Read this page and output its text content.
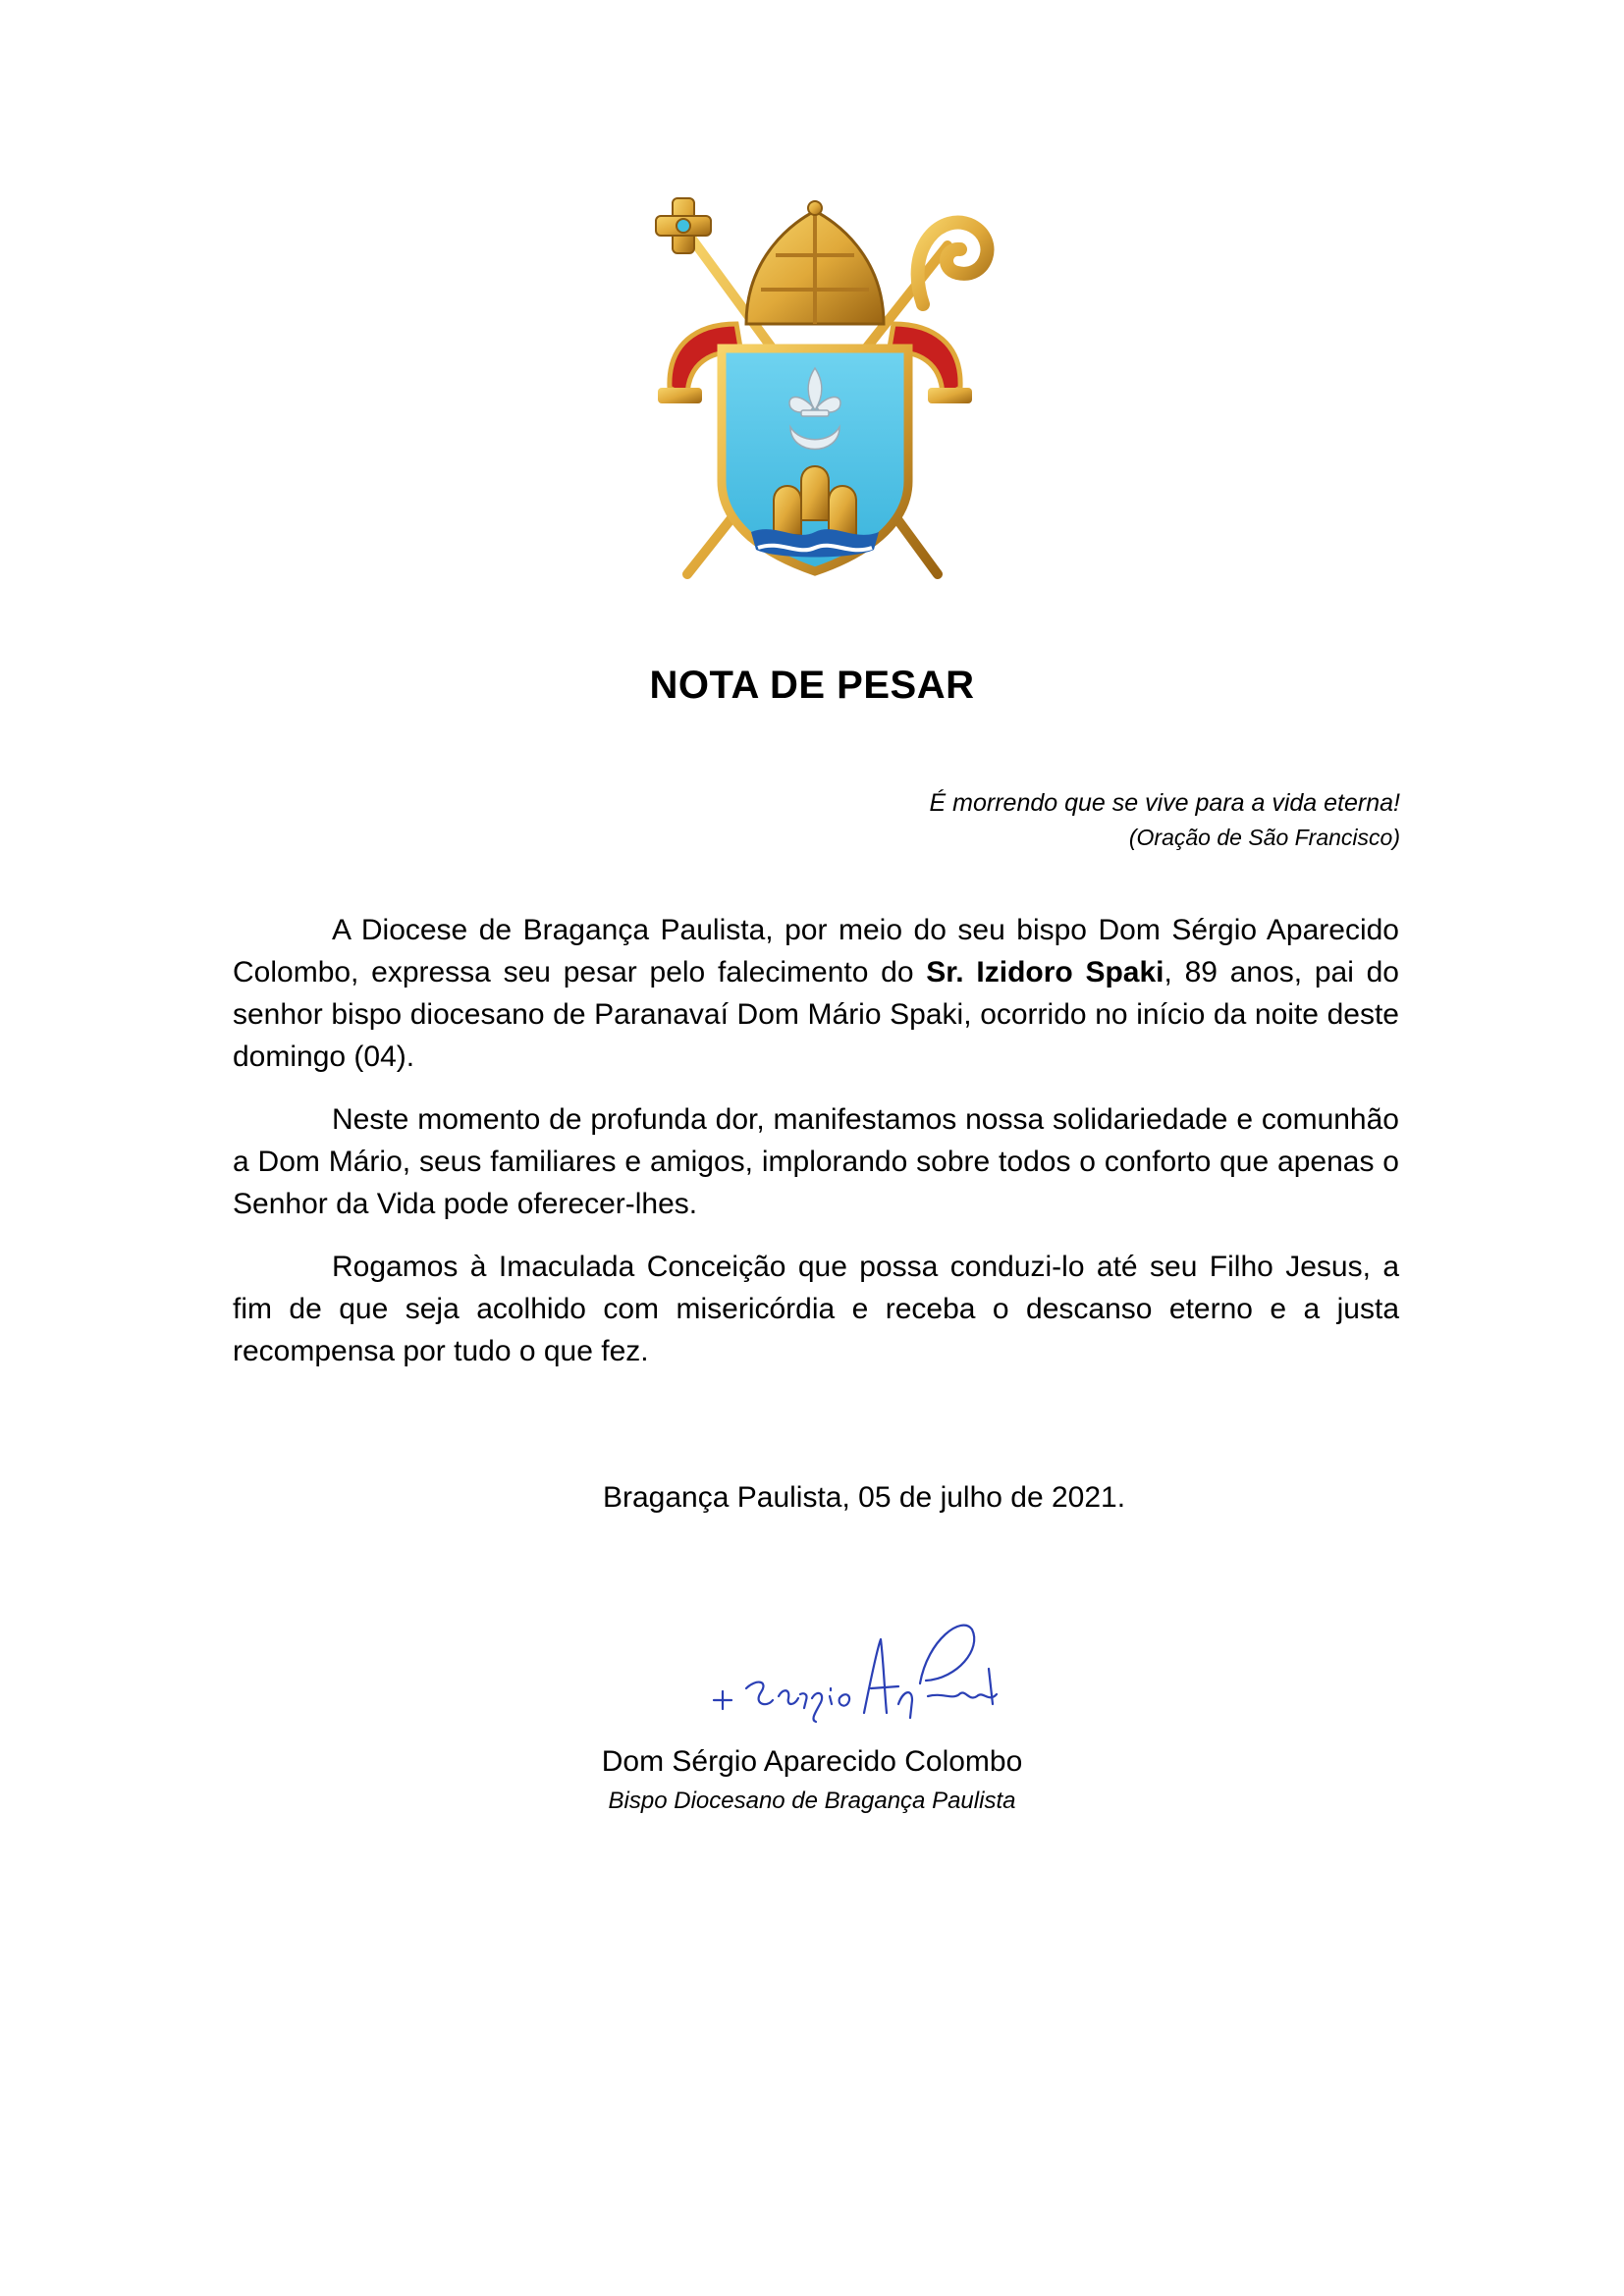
NOTA DE PESAR
É morrendo que se vive para a vida eterna!
(Oração de São Francisco)

A Diocese de Bragança Paulista, por meio do seu bispo Dom Sérgio Aparecido Colombo, expressa seu pesar pelo falecimento do Sr. Izidoro Spaki, 89 anos, pai do senhor bispo diocesano de Paranavaí Dom Mário Spaki, ocorrido no início da noite deste domingo (04).

Neste momento de profunda dor, manifestamos nossa solidariedade e comunhão a Dom Mário, seus familiares e amigos, implorando sobre todos o conforto que apenas o Senhor da Vida pode oferecer-lhes.

Rogamos à Imaculada Conceição que possa conduzi-lo até seu Filho Jesus, a fim de que seja acolhido com misericórdia e receba o descanso eterno e a justa recompensa por tudo o que fez.

Bragança Paulista, 05 de julho de 2021.
Dom Sérgio Aparecido Colombo
Bispo Diocesano de Bragança Paulista
